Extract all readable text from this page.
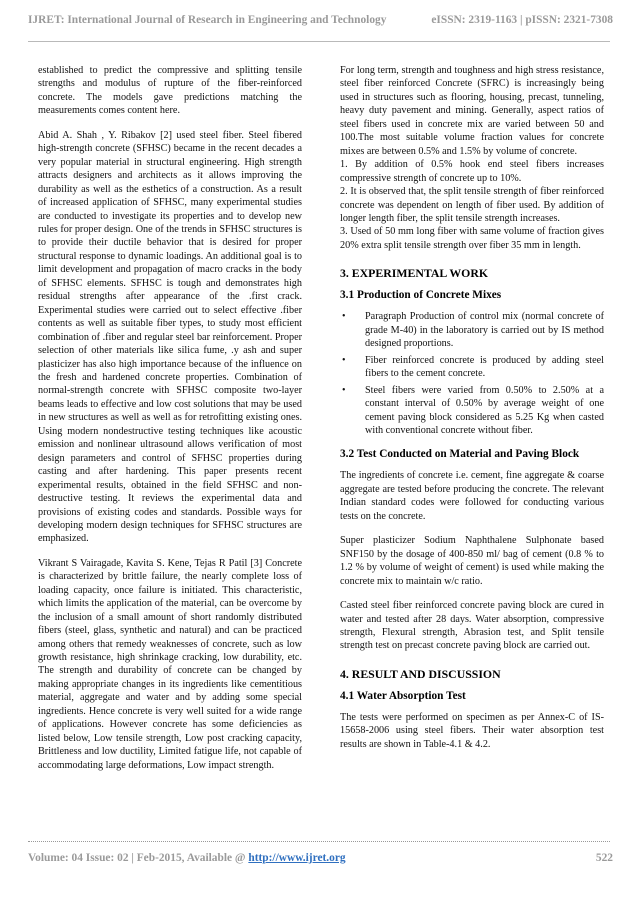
IJRET: International Journal of Research in Engineering and Technology	eISSN: 2319-1163 | pISSN: 2321-7308

established to predict the compressive and splitting tensile strengths and modulus of rupture of the fiber-reinforced concrete. The models gave predictions matching the measurements comes content here.

Abid A. Shah , Y. Ribakov [2] used steel fiber. Steel fibered high-strength concrete (SFHSC) became in the recent decades a very popular material in structural engineering. High strength attracts designers and architects as it allows improving the durability as well as the esthetics of a construction. As a result of increased application of SFHSC, many experimental studies are conducted to investigate its properties and to develop new rules for proper design. One of the trends in SFHSC structures is to provide their ductile behavior that is desired for proper structural response to dynamic loadings. An additional goal is to limit development and propagation of macro cracks in the body of SFHSC elements. SFHSC is tough and demonstrates high residual strengths after appearance of the .first crack. Experimental studies were carried out to select effective .fiber contents as well as suitable fiber types, to study most efficient combination of .fiber and regular steel bar reinforcement. Proper selection of other materials like silica fume, .y ash and super plasticizer has also high importance because of the influence on the fresh and hardened concrete properties. Combination of normal-strength concrete with SFHSC composite two-layer beams leads to effective and low cost solutions that may be used in new structures as well as well as for retrofitting existing ones. Using modern nondestructive testing techniques like acoustic emission and nonlinear ultrasound allows verification of most design parameters and control of SFHSC properties during casting and after hardening. This paper presents recent experimental results, obtained in the field SFHSC and non-destructive testing. It reviews the experimental data and provisions of existing codes and standards. Possible ways for developing modern design techniques for SFHSC structures are emphasized.

Vikrant S Vairagade, Kavita S. Kene, Tejas R Patil [3] Concrete is characterized by brittle failure, the nearly complete loss of loading capacity, once failure is initiated. This characteristic, which limits the application of the material, can be overcome by the inclusion of a small amount of short randomly distributed fibers (steel, glass, synthetic and natural) and can be practiced among others that remedy weaknesses of concrete, such as low growth resistance, high shrinkage cracking, low durability, etc. The strength and durability of concrete can be changed by making appropriate changes in its ingredients like cementitious material, aggregate and water and by adding some special ingredients. Hence concrete is very well suited for a wide range of applications. However concrete has some deficiencies as listed below, Low tensile strength, Low post cracking capacity, Brittleness and low ductility, Limited fatigue life, not capable of accommodating large deformations, Low impact strength.

For long term, strength and toughness and high stress resistance, steel fiber reinforced Concrete (SFRC) is increasingly being used in structures such as flooring, housing, precast, tunneling, heavy duty pavement and mining. Generally, aspect ratios of steel fibers used in concrete mix are varied between 50 and 100.The most suitable volume fraction values for concrete mixes are between 0.5% and 1.5% by volume of concrete.
1. By addition of 0.5% hook end steel fibers increases compressive strength of concrete up to 10%.
2. It is observed that, the split tensile strength of fiber reinforced concrete was dependent on length of fiber used. By addition of longer length fiber, the split tensile strength increases.
3. Used of 50 mm long fiber with same volume of fraction gives 20% extra split tensile strength over fiber 35 mm in length.
3. EXPERIMENTAL WORK
3.1 Production of Concrete Mixes
• Paragraph Production of control mix (normal concrete of grade M-40) in the laboratory is carried out by IS method designed proportions.
• Fiber reinforced concrete is produced by adding steel fibers to the cement concrete.
• Steel fibers were varied from 0.50% to 2.50% at a constant interval of 0.50% by average weight of one cement paving block considered as 5.25 Kg when casted with conventional concrete without fiber.
3.2 Test Conducted on Material and Paving Block

The ingredients of concrete i.e. cement, fine aggregate & coarse aggregate are tested before producing the concrete. The relevant Indian standard codes were followed for conducting various tests on the concrete.

Super plasticizer Sodium Naphthalene Sulphonate based SNF150 by the dosage of 400-850 ml/ bag of cement (0.8 % to 1.2 % by volume of weight of cement) is used while making the concrete mix to maintain w/c ratio.

Casted steel fiber reinforced concrete paving block are cured in water and tested after 28 days. Water absorption, compressive strength, Flexural strength, Abrasion test, and Split tensile strength test on precast concrete paving block are carried out.

4. RESULT AND DISCUSSION
4.1 Water Absorption Test

The tests were performed on specimen as per Annex-C of IS-15658-2006 using steel fibers. Their water absorption test results are shown in Table-4.1 & 4.2.

Volume: 04 Issue: 02 | Feb-2015, Available @ http://www.ijret.org	522
